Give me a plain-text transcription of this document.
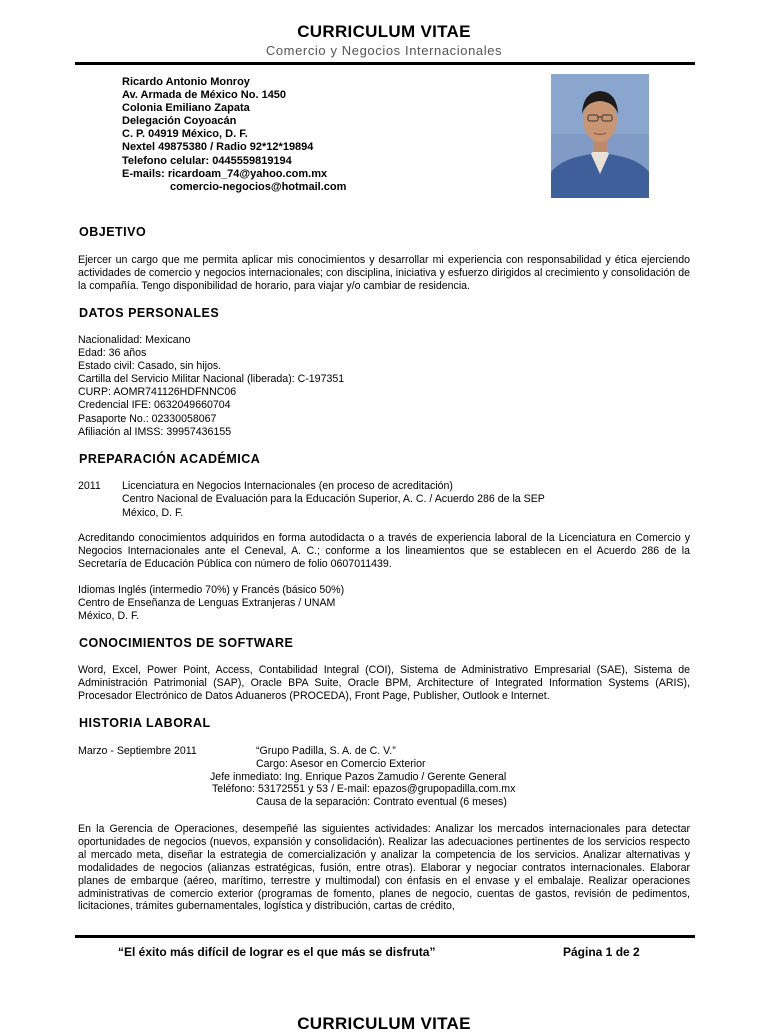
CURRICULUM VITAE
Comercio y Negocios Internacionales
Ricardo Antonio Monroy
Av. Armada de México No. 1450
Colonia Emiliano Zapata
Delegación Coyoacán
C. P. 04919 México, D. F.
Nextel 49875380 / Radio 92*12*19894
Telefono celular: 0445559819194
E-mails: ricardoam_74@yahoo.com.mx
comercio-negocios@hotmail.com
OBJETIVO
Ejercer un cargo que me permita aplicar mis conocimientos y desarrollar mi experiencia con responsabilidad y ética ejerciendo actividades de comercio y negocios internacionales; con disciplina, iniciativa y esfuerzo dirigidos al crecimiento y consolidación de la compañía. Tengo disponibilidad de horario, para viajar y/o cambiar de residencia.
DATOS PERSONALES
Nacionalidad: Mexicano
Edad: 36 años
Estado civil: Casado, sin hijos.
Cartilla del Servicio Militar Nacional (liberada): C-197351
CURP: AOMR741126HDFNNC06
Credencial IFE: 0632049660704
Pasaporte No.: 02330058067
Afiliación al IMSS: 39957436155
PREPARACIÓN ACADÉMICA
2011 Licenciatura en Negocios Internacionales (en proceso de acreditación)
Centro Nacional de Evaluación para la Educación Superior, A. C. / Acuerdo 286 de la SEP
México, D. F.
Acreditando conocimientos adquiridos en forma autodidacta o a través de experiencia laboral de la Licenciatura en Comercio y Negocios Internacionales ante el Ceneval, A. C.; conforme a los lineamientos que se establecen en el Acuerdo 286 de la Secretaría de Educación Pública con número de folio 0607011439.
Idiomas Inglés (intermedio 70%) y Francés (básico 50%)
Centro de Enseñanza de Lenguas Extranjeras / UNAM
México, D. F.
CONOCIMIENTOS DE SOFTWARE
Word, Excel, Power Point, Access, Contabilidad Integral (COI), Sistema de Administrativo Empresarial (SAE), Sistema de Administración Patrimonial (SAP), Oracle BPA Suite, Oracle BPM, Architecture of Integrated Information Systems (ARIS), Procesador Electrónico de Datos Aduaneros (PROCEDA), Front Page, Publisher, Outlook e Internet.
HISTORIA LABORAL
Marzo - Septiembre 2011	“Grupo Padilla, S. A. de C. V.”
Cargo: Asesor en Comercio Exterior
Jefe inmediato: Ing. Enrique Pazos Zamudio / Gerente General
Teléfono: 53172551 y 53 / E-mail: epazos@grupopadilla.com.mx
Causa de la separación: Contrato eventual (6 meses)
En la Gerencia de Operaciones, desempeñé las siguientes actividades: Analizar los mercados internacionales para detectar oportunidades de negocios (nuevos, expansión y consolidación). Realizar las adecuaciones pertinentes de los servicios respecto al mercado meta, diseñar la estrategia de comercialización y analizar la competencia de los servicios. Analizar alternativas y modalidades de negocios (alianzas estratégicas, fusión, entre otras). Elaborar y negociar contratos internacionales. Elaborar planes de embarque (aéreo, marítimo, terrestre y multimodal) con énfasis en el envase y el embalaje. Realizar operaciones administrativas de comercio exterior (programas de fomento, planes de negocio, cuentas de gastos, revisión de pedimentos, licitaciones, trámites gubernamentales, logística y distribución, cartas de crédito,
“El éxito más difícil de lograr es el que más se disfruta”	Página 1 de 2
CURRICULUM VITAE
